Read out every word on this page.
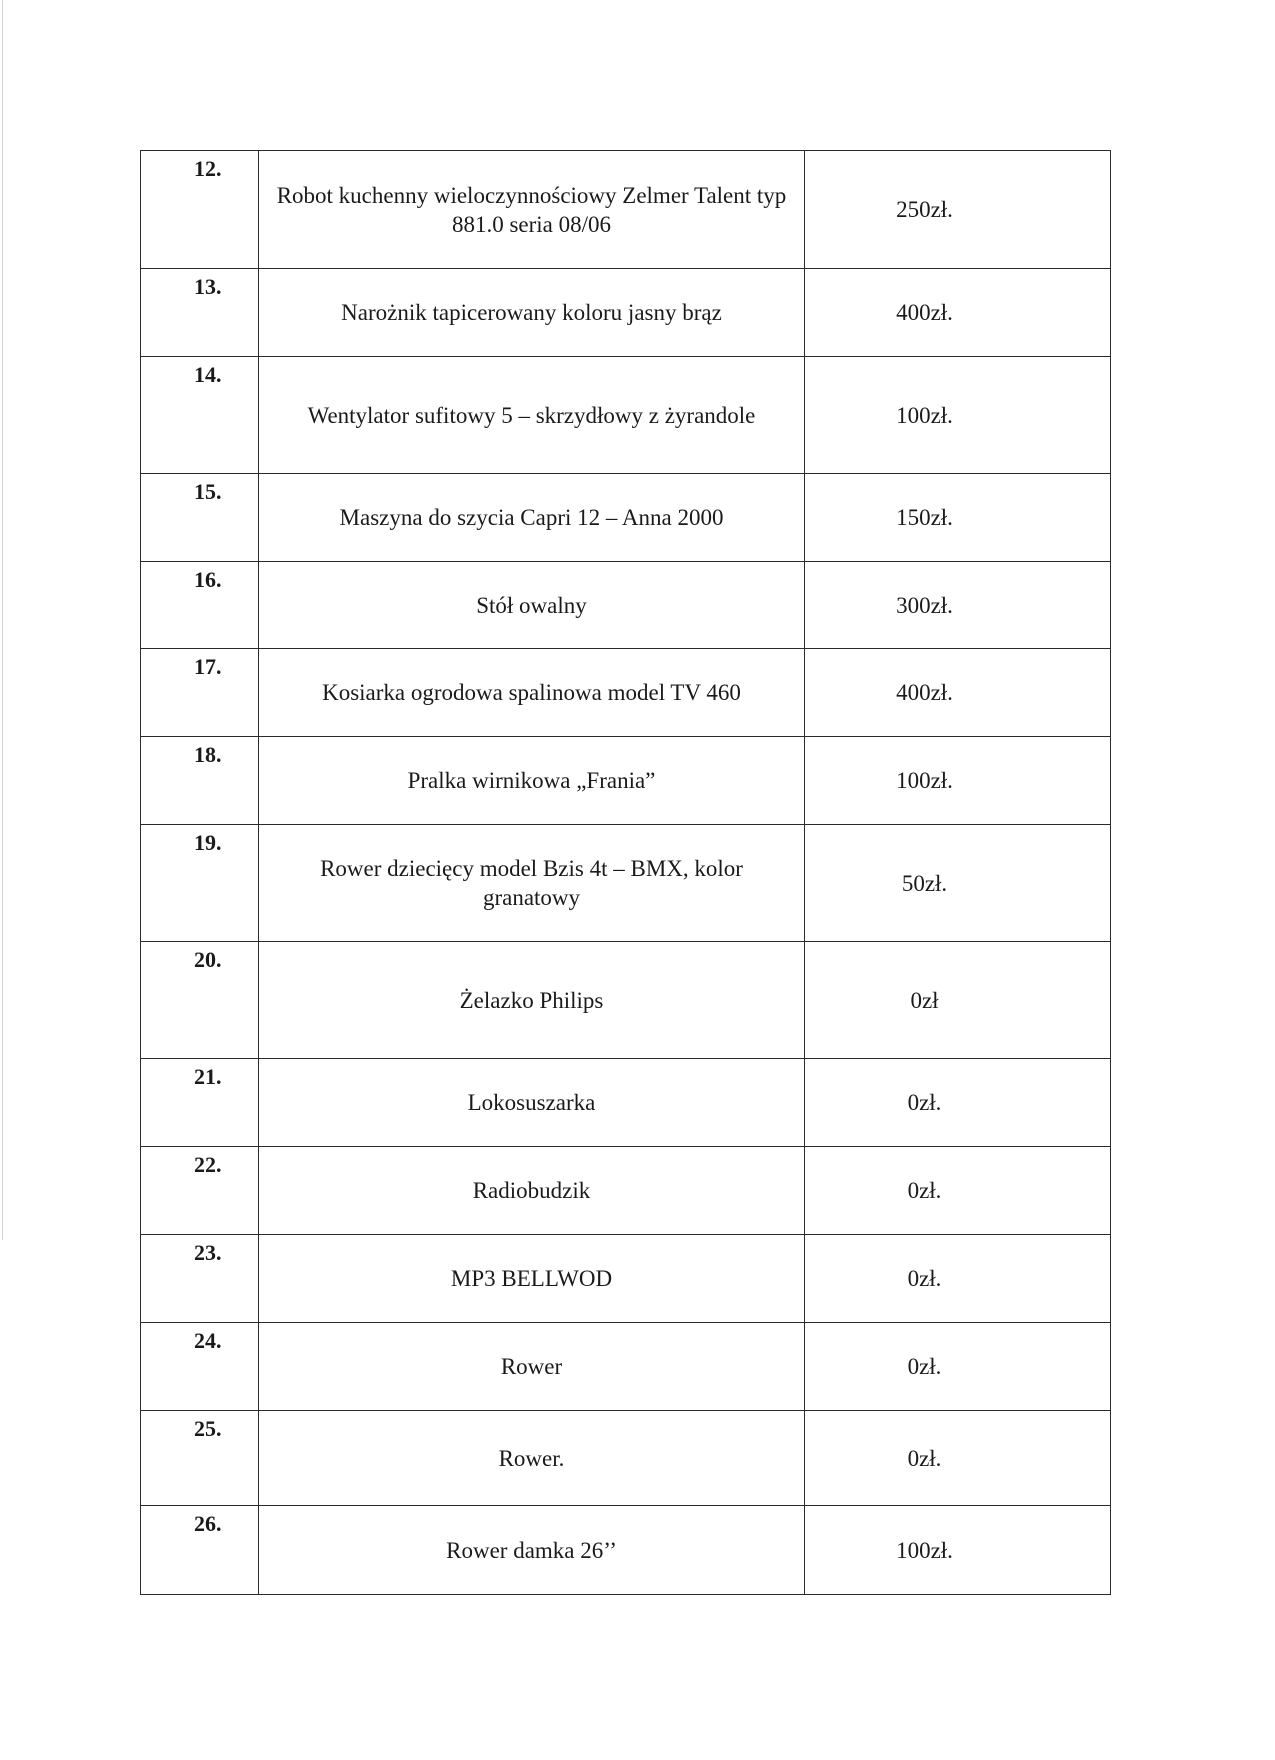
12.	Robot kuchenny wieloczynnościowy Zelmer Talent typ 881.0 seria 08/06	250zł.

13.	Narożnik tapicerowany koloru jasny brąz	400zł.

14.	Wentylator sufitowy 5 – skrzydłowy z żyrandole	100zł.

15.	Maszyna do szycia Capri 12 – Anna 2000	150zł.

16.	Stół owalny	300zł.

17.	Kosiarka ogrodowa spalinowa model TV 460	400zł.

18.	Pralka wirnikowa „Frania”	100zł.

19.	Rower dziecięcy model Bzis 4t – BMX, kolor granatowy	50zł.

20.	Żelazko Philips	0zł

21.	Lokosuszarka	0zł.

22.	Radiobudzik	0zł.

23.	MP3 BELLWOD	0zł.

24.	Rower	0zł.

25.	Rower.	0zł.

26.	Rower damka 26’’	100zł.
